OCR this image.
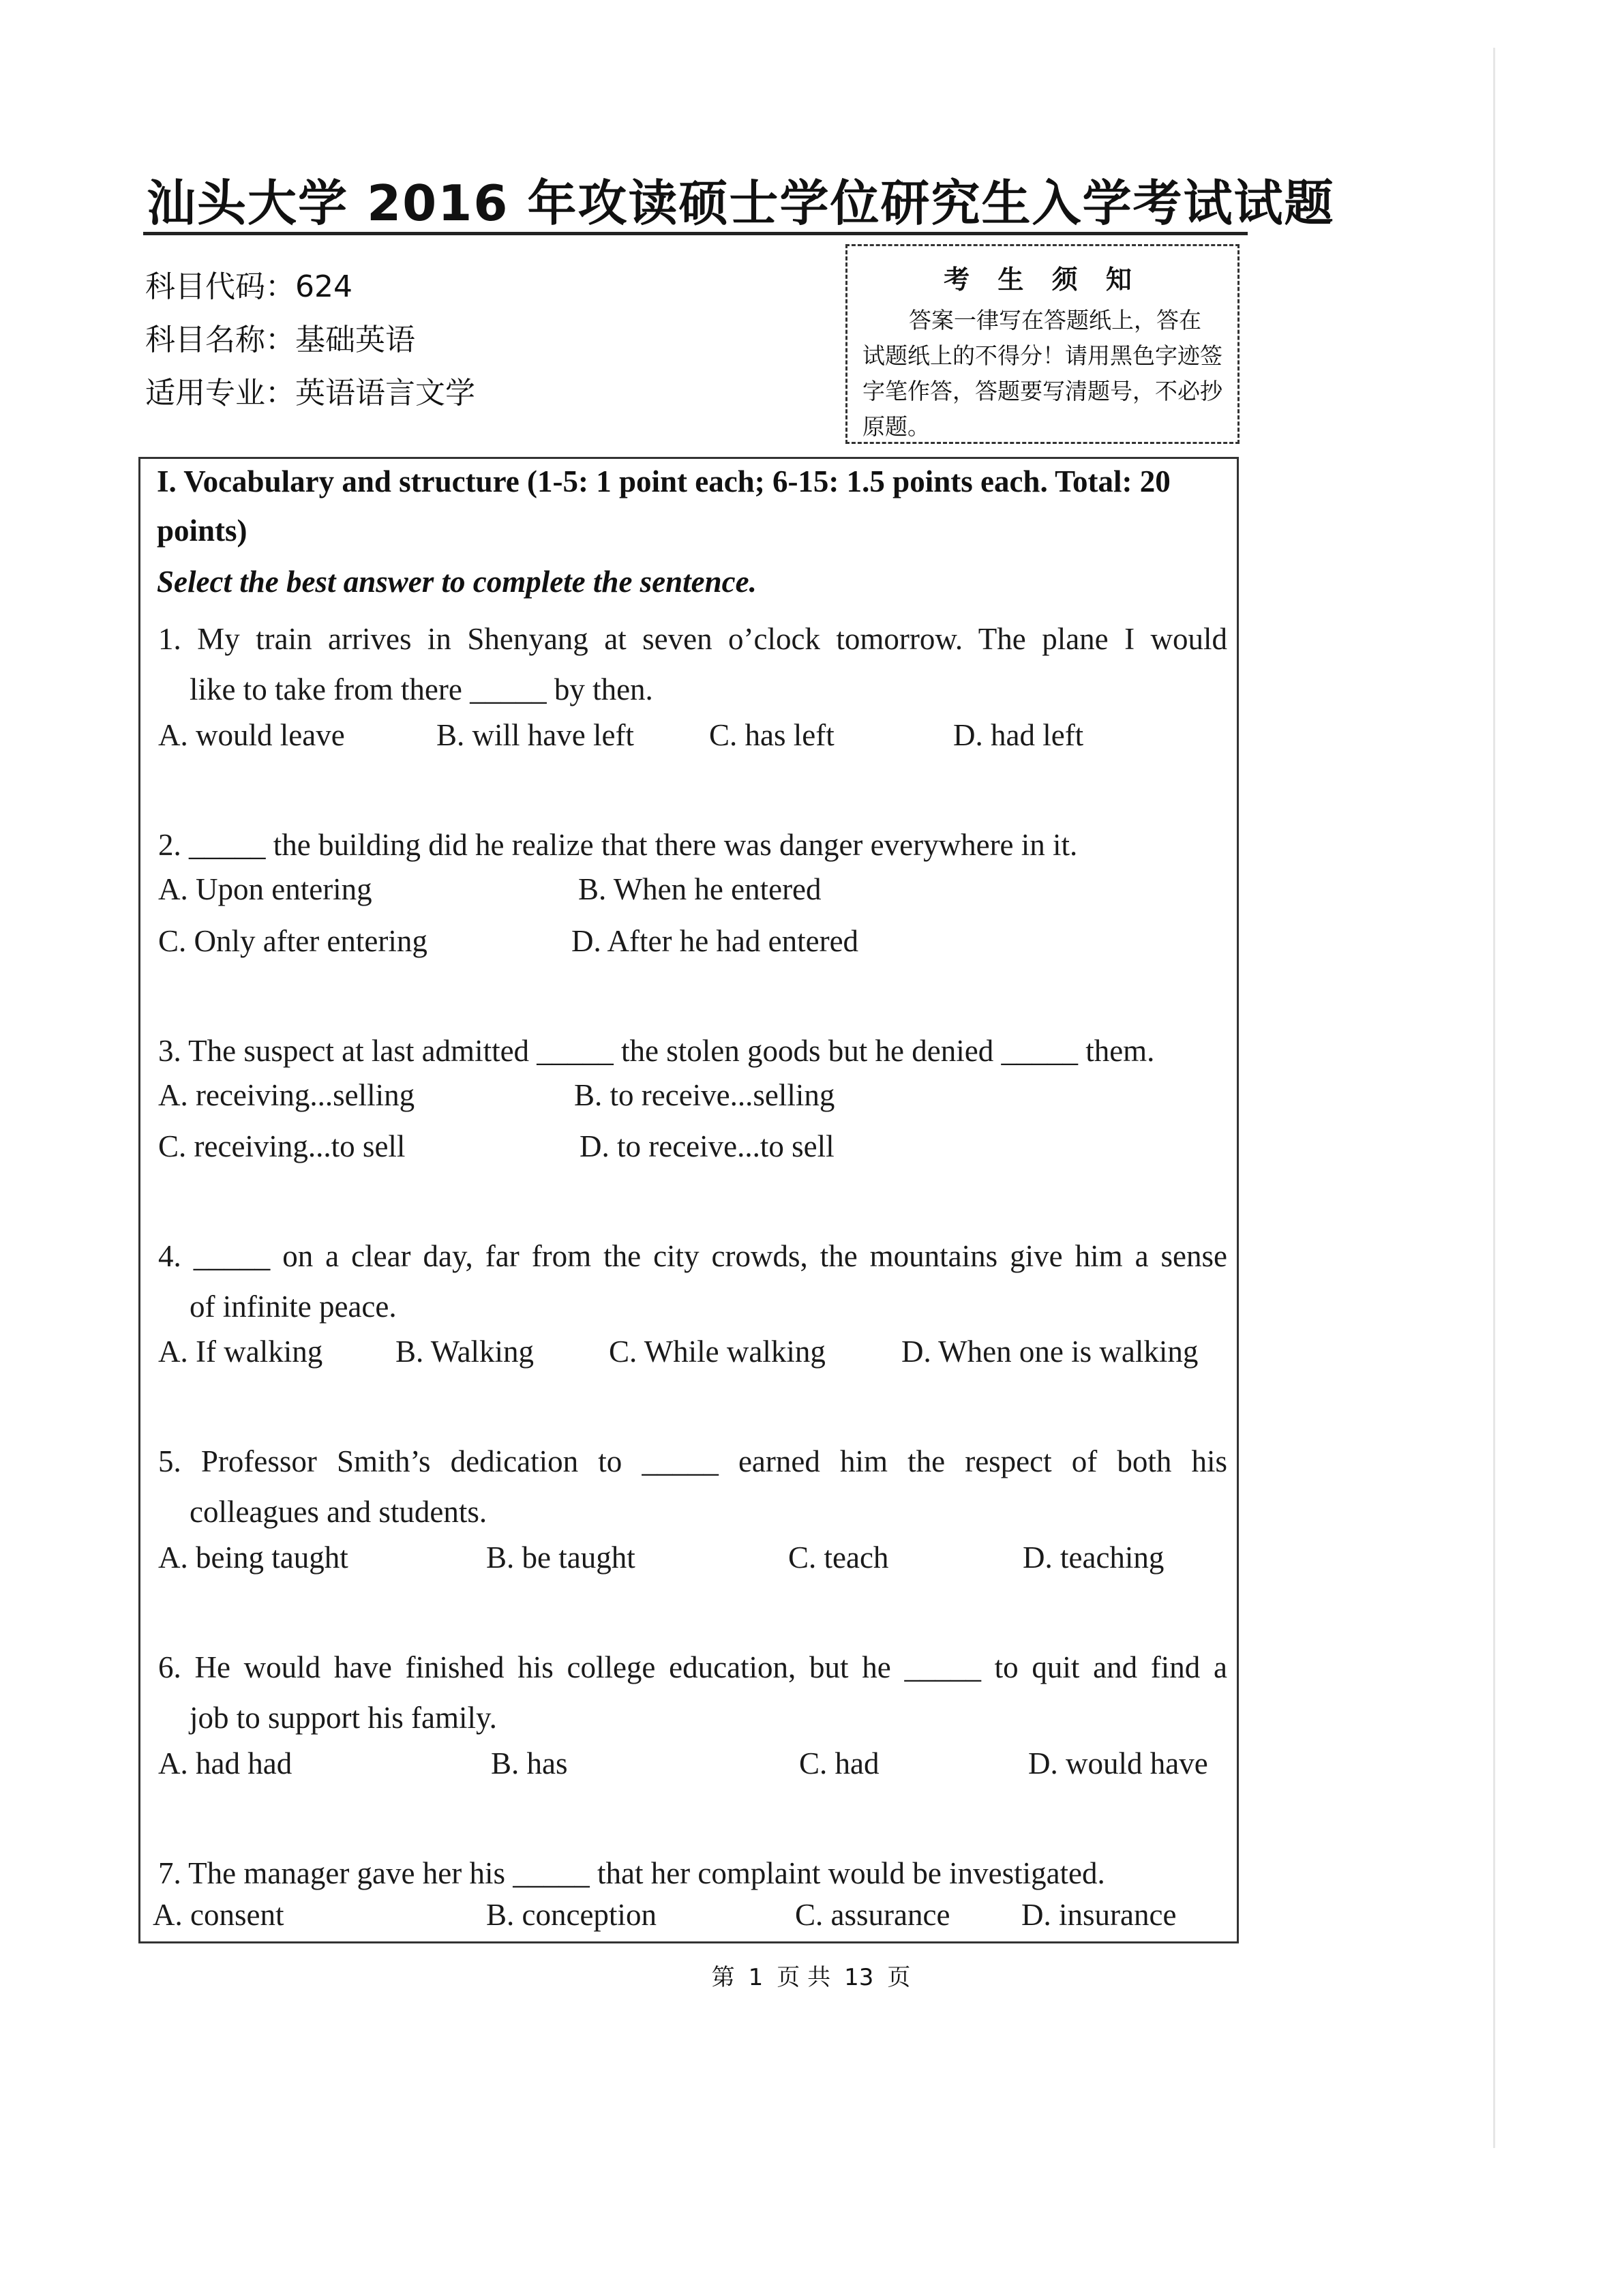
汕头大学 2016 年攻读硕士学位研究生入学考试试题
科目代码：624
科目名称：基础英语
适用专业：英语语言文学
考 生 须 知
答案一律写在答题纸上，答在试题纸上的不得分！请用黑色字迹签字笔作答，答题要写清题号，不必抄原题。
I. Vocabulary and structure (1-5: 1 point each; 6-15: 1.5 points each. Total: 20
points)
Select the best answer to complete the sentence.
1. My train arrives in Shenyang at seven o’clock tomorrow. The plane I would
like to take from there _____ by then.
A. would leave	B. will have left C. has left	D. had left
2. _____ the building did he realize that there was danger everywhere in it.
A. Upon entering	B. When he entered
C. Only after entering	D. After he had entered
3. The suspect at last admitted _____ the stolen goods but he denied _____ them.
A. receiving...selling	B. to receive...selling
C. receiving...to sell	D. to receive...to sell
4. _____ on a clear day, far from the city crowds, the mountains give him a sense
of infinite peace.
A. If walking B. Walking C. While walking D. When one is walking
5. Professor Smith’s dedication to _____ earned him the respect of both his
colleagues and students.
A. being taught	B. be taught	C. teach	D. teaching
6. He would have finished his college education, but he _____ to quit and find a
job to support his family.
A. had had	B. has	C. had	D. would have
7. The manager gave her his _____ that her complaint would be investigated.
A. consent	B. conception	C. assurance D. insurance
第 1 页 共 13 页
